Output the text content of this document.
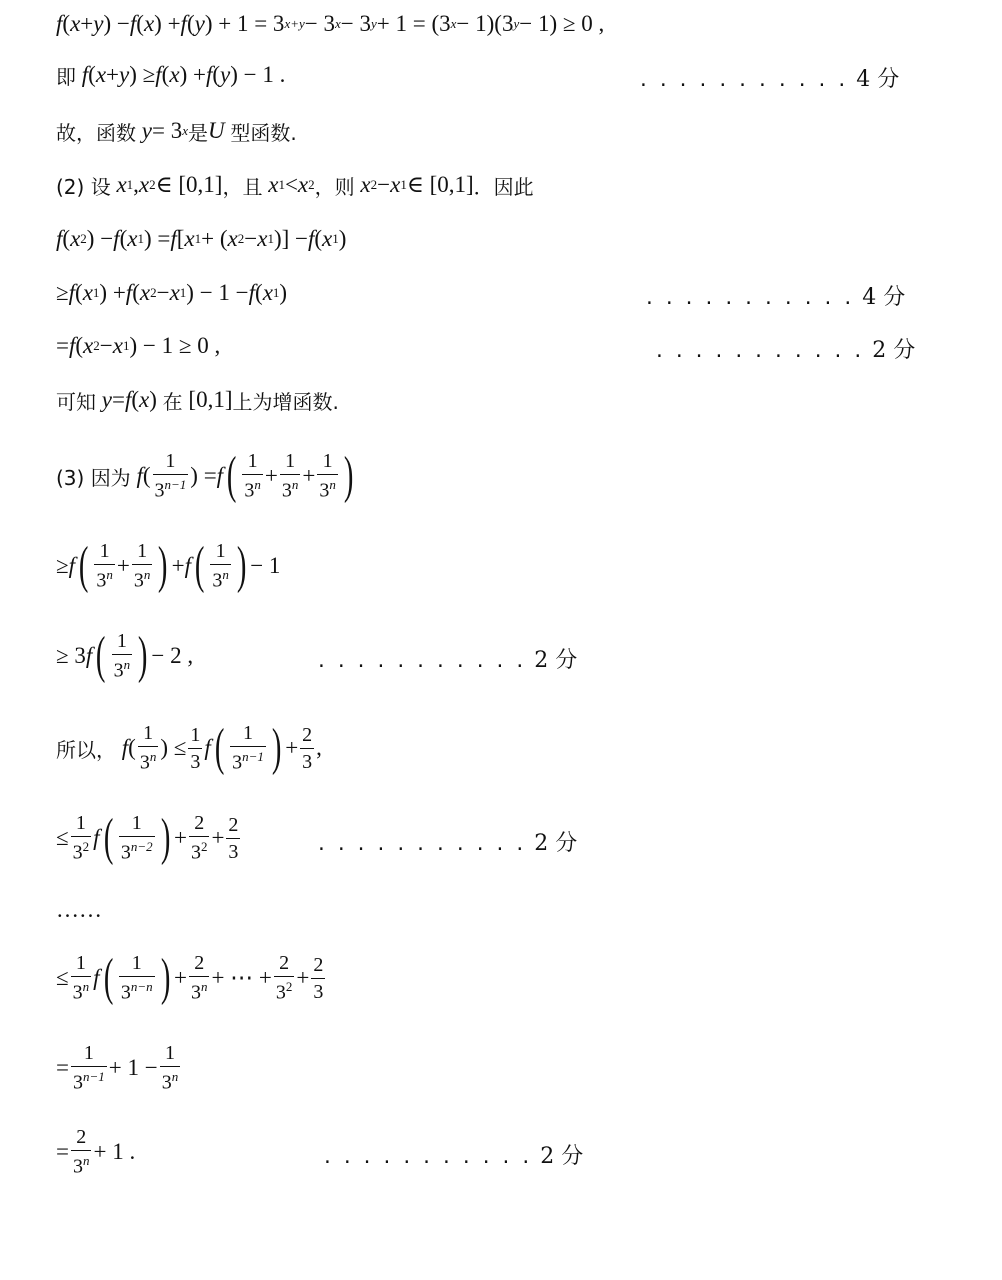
f ( x + y ) − f ( x ) + f ( y ) + 1 = 3 x+y − 3 x − 3 y + 1 = (3 x − 1)(3 y − 1) ≥ 0 ,
即
f ( x + y ) ≥ f ( x ) + f ( y ) − 1 .	...........4 分
故，函数
y = 3 x 是 U
型函数.
(2) 设
x 1 , x 2 ∈ [0,1] ，且
x 1 < x 2 ，则
x 2 − x 1 ∈ [0,1] ．因此
f ( x 2 ) − f ( x 1 ) = f [ x 1 + ( x 2 − x 1 )] − f ( x 1 )
≥ f ( x 1 ) + f ( x 2 − x 1 ) − 1 − f ( x 1 )	...........4 分
= f ( x 2 − x 1 ) − 1 ≥ 0 ,	...........2 分
可知
y = f ( x ) 在 [0,1] 上为增函数.
(3) 因为
f ( $\frac{1}{3^{n-1}}$ ) = f ( $\frac{1}{3^n} + \frac{1}{3^n} + \frac{1}{3^n}$ )
≥ f ( $\frac{1}{3^n} + \frac{1}{3^n}$ ) + f ( $\frac{1}{3^n}$ ) − 1
≥ 3 f ( $\frac{1}{3^n}$ ) − 2 ,	...........2 分
所以，
f ( $\frac{1}{3^n}$ ) ≤ $\frac{1}{3}$ f ( $\frac{1}{3^{n-1}}$ ) + $\frac{2}{3}$ ,
≤ $\frac{1}{3^2}$ f ( $\frac{1}{3^{n-2}}$ ) + $\frac{2}{3^2} + \frac{2}{3}$	...........2 分
……
≤ $\frac{1}{3^n}$ f ( $\frac{1}{3^{n-n}}$ ) + $\frac{2}{3^n}$ + ⋯ + $\frac{2}{3^2} + \frac{2}{3}$
= $\frac{1}{3^{n-1}} + 1 - \frac{1}{3^n}$
= $\frac{2}{3^n} + 1$ .	...........2 分
